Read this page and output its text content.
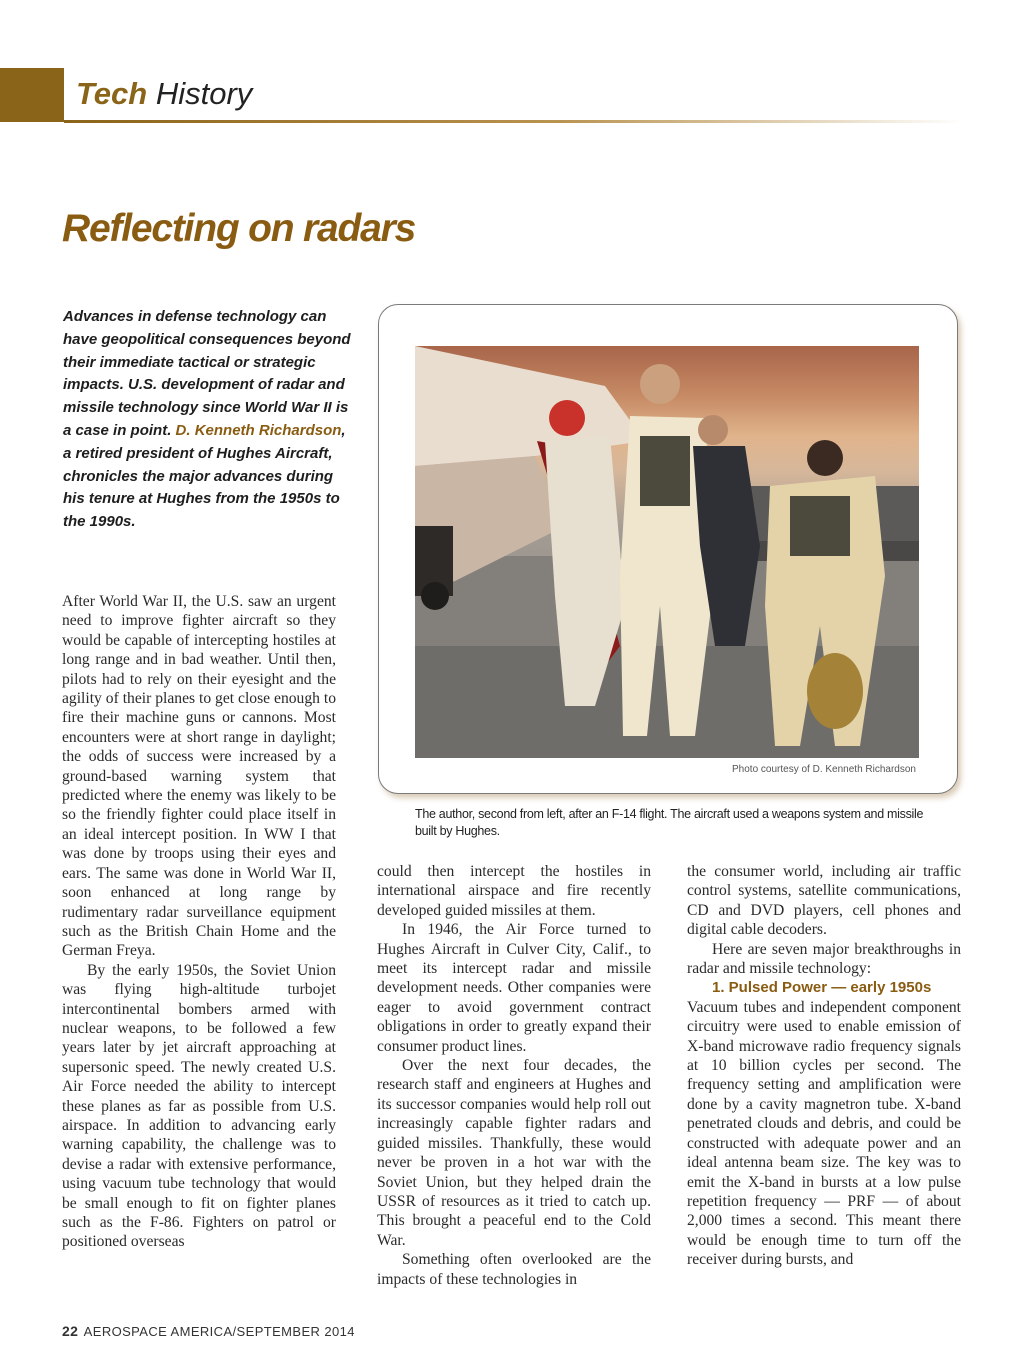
Tech History
Reflecting on radars

Advances in defense technology can have geopolitical consequences beyond their immediate tactical or strategic impacts. U.S. development of radar and missile technology since World War II is a case in point. D. Kenneth Richardson, a retired president of Hughes Aircraft, chronicles the major advances during his tenure at Hughes from the 1950s to the 1990s.

Photo courtesy of D. Kenneth Richardson

The author, second from left, after an F-14 flight. The aircraft used a weapons system and missile built by Hughes.

After World War II, the U.S. saw an urgent need to improve fighter aircraft so they would be capable of intercepting hostiles at long range and in bad weather. Until then, pilots had to rely on their eyesight and the agility of their planes to get close enough to fire their machine guns or cannons. Most encounters were at short range in daylight; the odds of success were increased by a ground-based warning system that predicted where the enemy was likely to be so the friendly fighter could place itself in an ideal intercept position. In WW I that was done by troops using their eyes and ears. The same was done in World War II, soon enhanced at long range by rudimentary radar surveillance equipment such as the British Chain Home and the German Freya.

By the early 1950s, the Soviet Union was flying high-altitude turbojet intercontinental bombers armed with nuclear weapons, to be followed a few years later by jet aircraft approaching at supersonic speed. The newly created U.S. Air Force needed the ability to intercept these planes as far as possible from U.S. airspace. In addition to advancing early warning capability, the challenge was to devise a radar with extensive performance, using vacuum tube technology that would be small enough to fit on fighter planes such as the F-86. Fighters on patrol or positioned overseas

could then intercept the hostiles in international airspace and fire recently developed guided missiles at them.

In 1946, the Air Force turned to Hughes Aircraft in Culver City, Calif., to meet its intercept radar and missile development needs. Other companies were eager to avoid government contract obligations in order to greatly expand their consumer product lines.

Over the next four decades, the research staff and engineers at Hughes and its successor companies would help roll out increasingly capable fighter radars and guided missiles. Thankfully, these would never be proven in a hot war with the Soviet Union, but they helped drain the USSR of resources as it tried to catch up. This brought a peaceful end to the Cold War.

Something often overlooked are the impacts of these technologies in

the consumer world, including air traffic control systems, satellite communications, CD and DVD players, cell phones and digital cable decoders.

Here are seven major breakthroughs in radar and missile technology:

1. Pulsed Power — early 1950s

Vacuum tubes and independent component circuitry were used to enable emission of X-band microwave radio frequency signals at 10 billion cycles per second. The frequency setting and amplification were done by a cavity magnetron tube. X-band penetrated clouds and debris, and could be constructed with adequate power and an ideal antenna beam size. The key was to emit the X-band in bursts at a low pulse repetition frequency — PRF — of about 2,000 times a second. This meant there would be enough time to turn off the receiver during bursts, and

22 AEROSPACE AMERICA/SEPTEMBER 2014
